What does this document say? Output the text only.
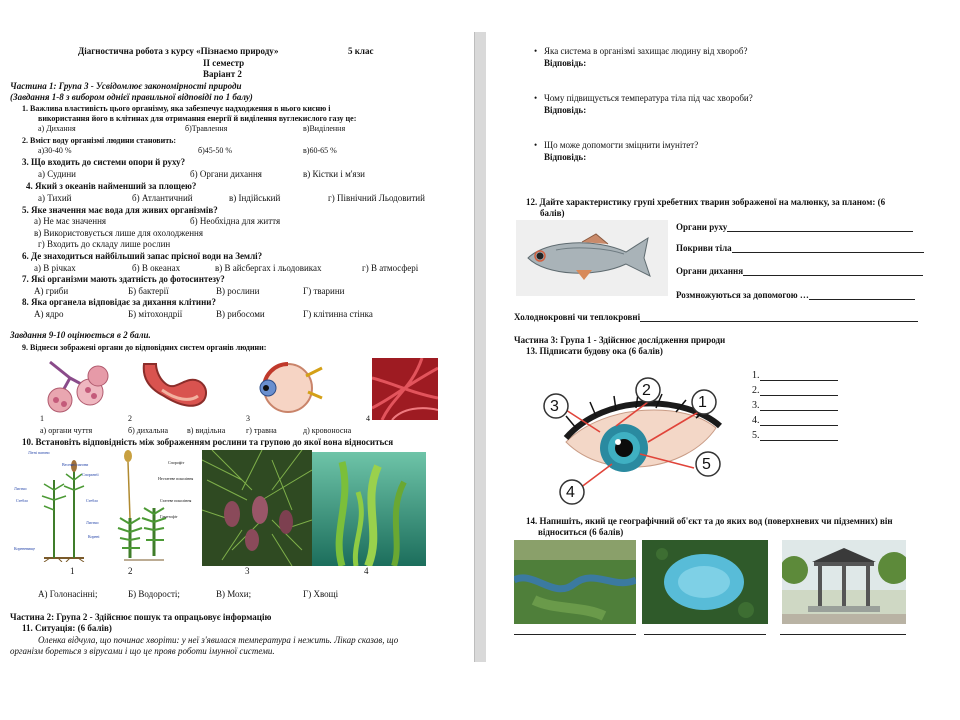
Діагностична робота з курсу «Пізнаємо природу»	5 клас
ІІ семестр
Варіант 2
Частина 1: Група 3 - Усвідомлює закономірності природи
(Завдання 1-8 з вибором однієї правильної відповіді по 1 балу)
1. Важлива властивість цього організму, яка забезпечує надходження в нього кисню і
використання його в клітинах для отримання енергії й виділення вуглекислого газу це:
а) Дихання	б)Травлення	в)Виділення
2. Вміст воду організмі людини становить:
а)30-40 %	б)45-50 %	в)60-65 %
3. Що входить до системи опори й руху?
а) Судини	б) Органи дихання	в) Кістки і м'язи
4. Який з океанів найменший за площею?
а) Тихий	б) Атлантичний	в) Індійський	г) Північний Льодовитий
5. Яке значення має вода для живих організмів?
а) Не має значення	б) Необхідна для життя
в) Використовується лише для охолодження
г) Входить до складу лише рослин
6. Де знаходиться найбільший запас прісної води на Землі?
а) В річках	б) В океанах	в) В айсбергах і льодовиках	г) В атмосфері
7. Які організми мають здатність до фотосинтезу?
А) гриби	Б) бактерії	В) рослини	Г) тварини
8. Яка органела відповідає за дихання клітини?
А) ядро	Б) мітохондрії	В) рибосоми	Г) клітинна стінка
Завдання 9-10 оцінюється в 2 бали.
9. Віднеси зображені органи до відповідних систем органів людини:
1	2	3	4
а) органи чуття	б) дихальна в) видільна	г) травна	д) кровоносна
10. Встановіть відповідність між зображенням рослини та групою до якої вона відноситься
Літні пагони
Весняні пагони
Спорангії
Листки
Стебло	Стебло
Листки
Корені
Кореневище
Спорофіт
Нестатеве покоління
Статеве покоління
Гаметофіт
1	2	3	4
А) Голонасінні;	Б) Водорості;	В) Мохи;	Г) Хвощі
Частина 2: Група 2 - Здійснює пошук та опрацьовує інформацію
11. Ситуація: (6 балів)
Оленка відчула, що починає хворіти: у неї з'явилася температура і нежить. Лікар сказав, що
організм бореться з вірусами і що це прояв роботи імунної системи.
• Яка система в організмі захищає людину від хвороб?
Відповідь:
• Чому підвищується температура тіла під час хвороби?
Відповідь:
• Що може допомогти зміцнити імунітет?
Відповідь:
12. Дайте характеристику групі хребетних тварин зображеної на малюнку, за планом: (6
балів)
Органи руху
Покриви тіла
Органи дихання
Розмножуються за допомогою …
Холоднокровні чи теплокровні
Частина 3: Група 1 - Здійснює дослідження природи
13. Підписати будову ока (6 балів)
3
2
1
5
4
1.
2.
3.
4.
5.
14. Напишіть, який це географічний об'єкт та до яких вод (поверхневих чи підземних) він
відноситься (6 балів)
